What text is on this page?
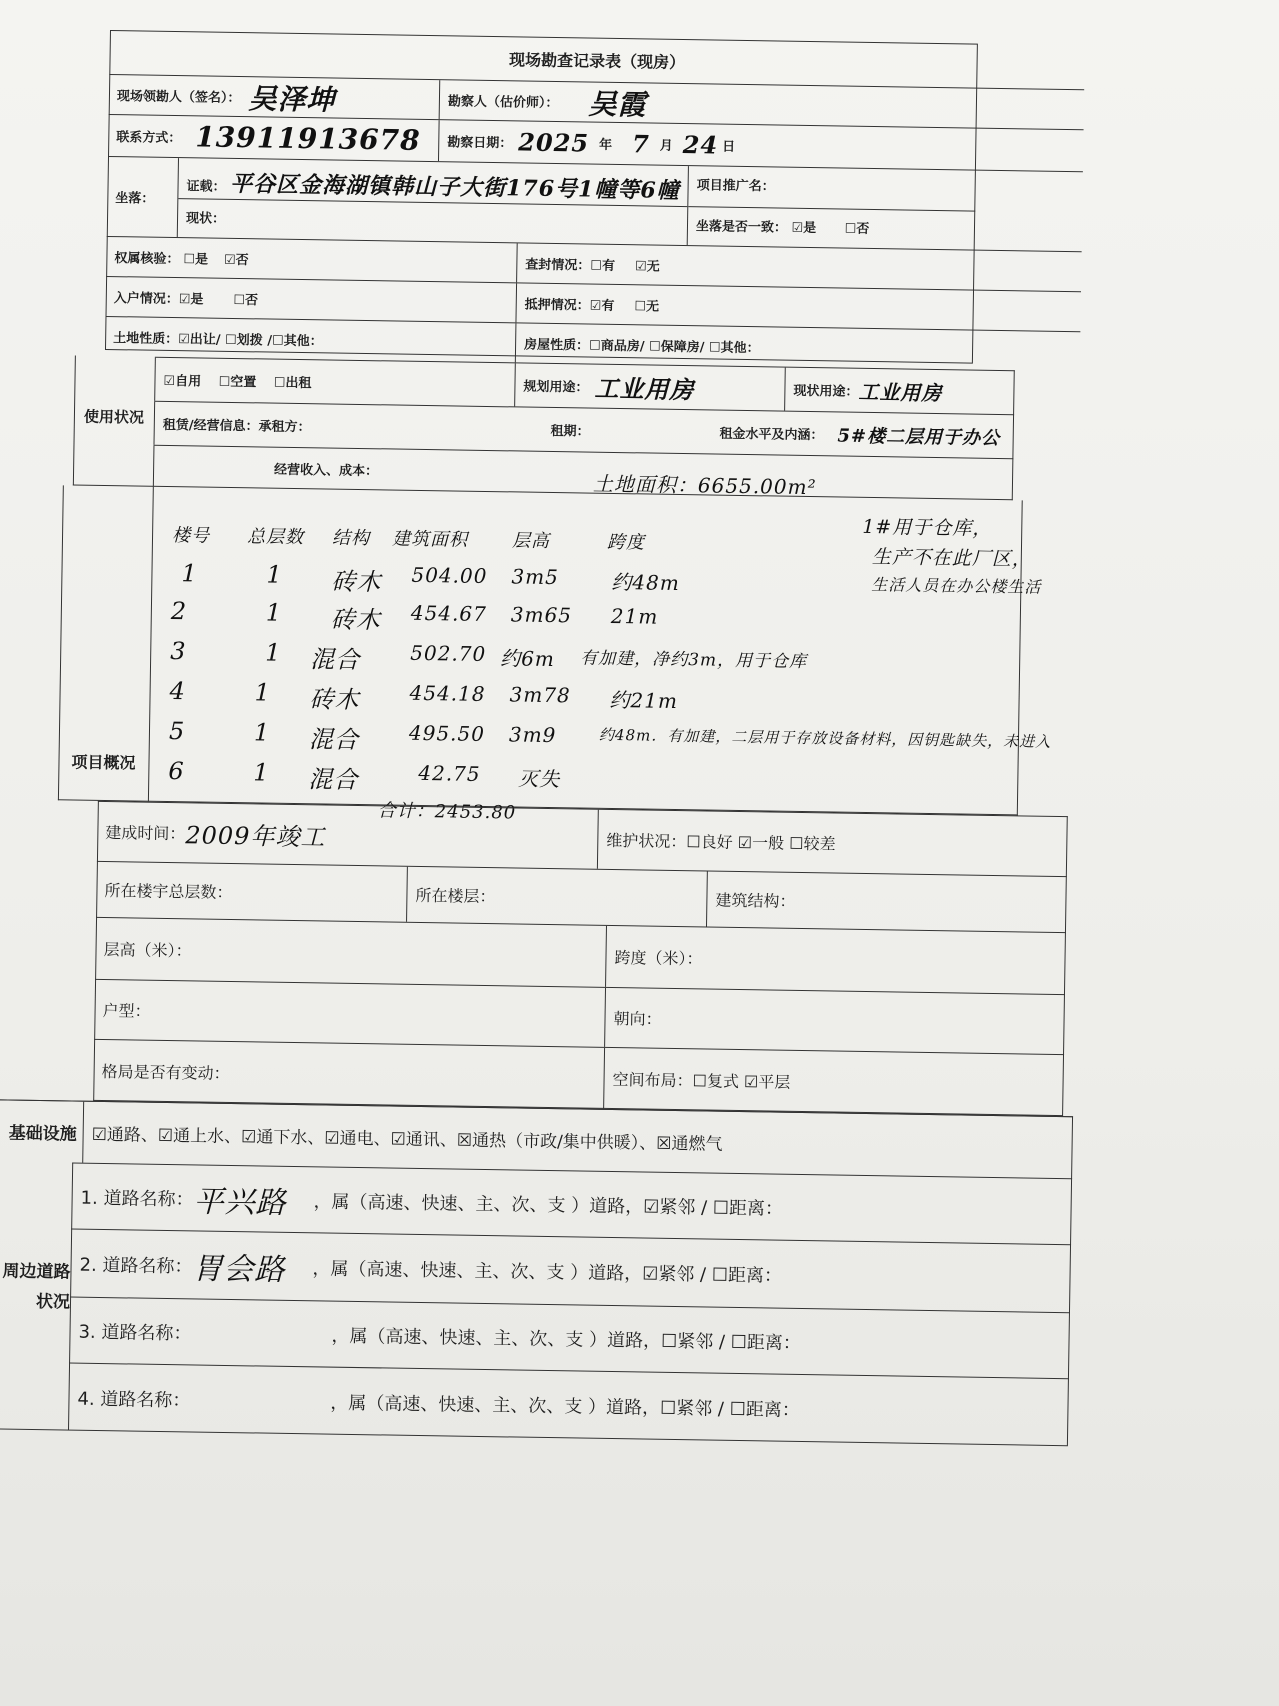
现场勘查记录表（现房）
现场领勘人（签名）： 吴泽坤	勘察人（估价师）： 吴霞
联系方式： 13911913678 勘察日期： 2025 年 7 月 24 日
坐落：
证载： 平谷区金海湖镇韩山子大街176号1幢等6幢
现状：
项目推广名：
坐落是否一致： ☑是 ☐否
权属核验： ☐是 ☑否	查封情况： ☐有 ☑无
入户情况： ☑是 ☐否	抵押情况： ☑有 ☐无
土地性质： ☑出让/ ☐划拨 /☐其他：	房屋性质： ☐商品房/ ☐保障房/ ☐其他：
使用状况
☑自用　 ☐空置　 ☐出租	规划用途： 工业用房	现状用途： 工业用房
租赁/经营信息：承租方：	租期：	租金水平及内涵： 5#楼二层用于办公
经营收入、成本：
项目概况
土地面积：6655.00m²
楼号 总层数 结构 建筑面积 层高	跨度
1	1 砖木 504.00 3m5	约48m
2	1 砖木 454.67 3m65 21m
3	1 混合 502.70 约6m 有加建，净约3m，用于仓库
4	1 砖木 454.18 3m78 约21m
5	1 混合 495.50 3m9	约48m．有加建，二层用于存放设备材料，因钥匙缺失，未进入
6	1 混合	42.75 灭失
合计：2453.80
1#用于仓库，
生产不在此厂区，
生活人员在办公楼生活
建成时间： 2009年竣工	维护状况： ☐良好 ☑一般 ☐较差
所在楼宇总层数：	所在楼层：	建筑结构：
层高（米）：	跨度（米）：
户型：	朝向：
格局是否有变动：	空间布局： ☐复式 ☑平层
基础设施 ☑通路、☑通上水、☑通下水、☑通电、☑通讯、☒通热（市政/集中供暖）、☒通燃气
周边道路
状况
1. 道路名称： 平兴路	，属（高速、快速、主、次、支 ）道路，☑紧邻 / ☐距离：
2. 道路名称： 胃会路	，属（高速、快速、主、次、支 ）道路，☑紧邻 / ☐距离：
3. 道路名称：	，属（高速、快速、主、次、支 ）道路，☐紧邻 / ☐距离：
4. 道路名称：	，属（高速、快速、主、次、支 ）道路，☐紧邻 / ☐距离：
